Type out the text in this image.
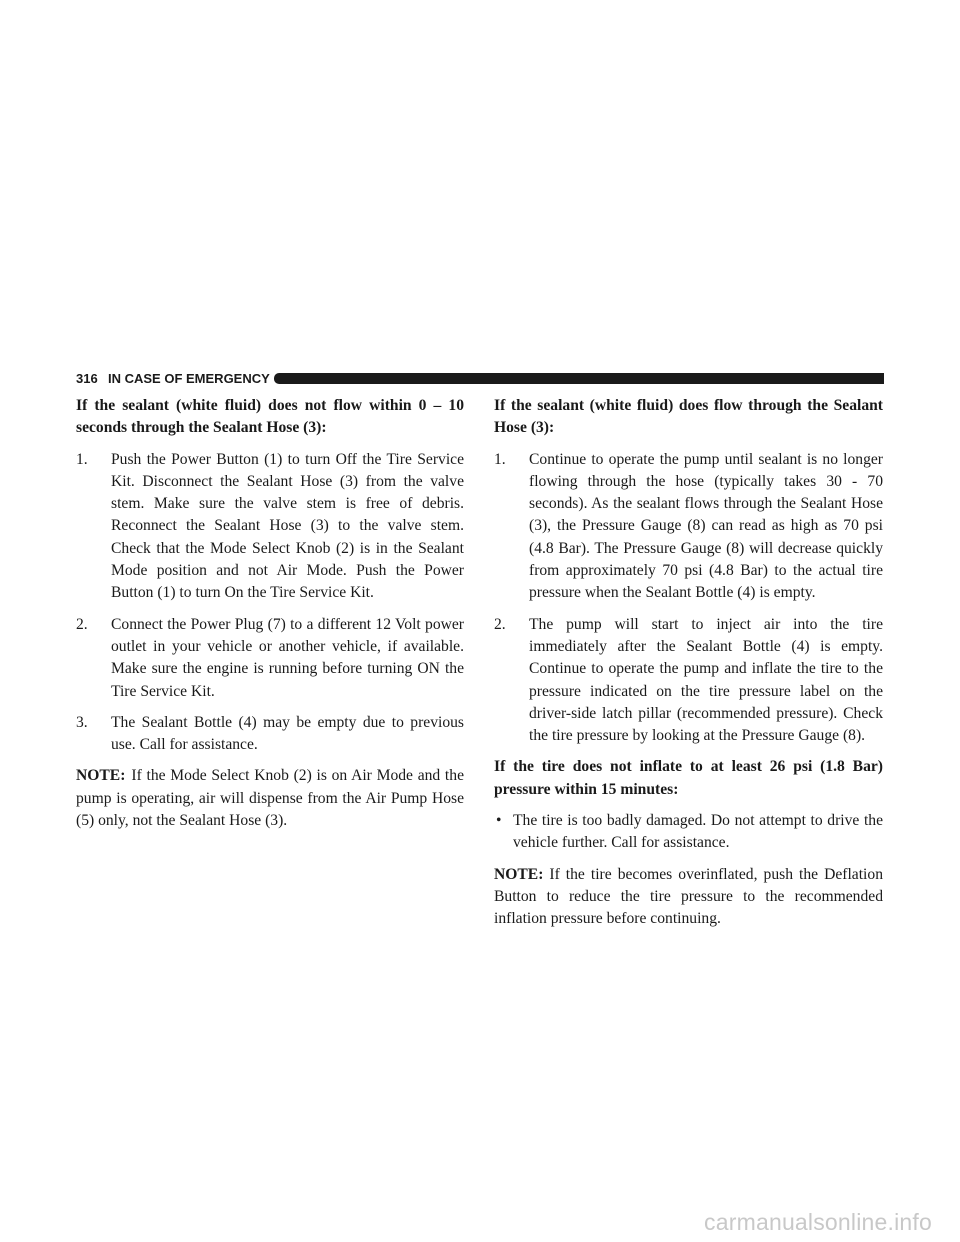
316 IN CASE OF EMERGENCY

If the sealant (white fluid) does not flow within 0 – 10 seconds through the Sealant Hose (3):

1. Push the Power Button (1) to turn Off the Tire Service Kit. Disconnect the Sealant Hose (3) from the valve stem. Make sure the valve stem is free of debris. Reconnect the Sealant Hose (3) to the valve stem. Check that the Mode Select Knob (2) is in the Sealant Mode position and not Air Mode. Push the Power Button (1) to turn On the Tire Service Kit.
2. Connect the Power Plug (7) to a different 12 Volt power outlet in your vehicle or another vehicle, if available. Make sure the engine is running before turning ON the Tire Service Kit.
3. The Sealant Bottle (4) may be empty due to previous use. Call for assistance.

NOTE: If the Mode Select Knob (2) is on Air Mode and the pump is operating, air will dispense from the Air Pump Hose (5) only, not the Sealant Hose (3).

If the sealant (white fluid) does flow through the Sealant Hose (3):

1. Continue to operate the pump until sealant is no longer flowing through the hose (typically takes 30 - 70 seconds). As the sealant flows through the Sealant Hose (3), the Pressure Gauge (8) can read as high as 70 psi (4.8 Bar). The Pressure Gauge (8) will decrease quickly from approximately 70 psi (4.8 Bar) to the actual tire pressure when the Sealant Bottle (4) is empty.
2. The pump will start to inject air into the tire immediately after the Sealant Bottle (4) is empty. Continue to operate the pump and inflate the tire to the pressure indicated on the tire pressure label on the driver-side latch pillar (recommended pressure). Check the tire pressure by looking at the Pressure Gauge (8).

If the tire does not inflate to at least 26 psi (1.8 Bar) pressure within 15 minutes:

• The tire is too badly damaged. Do not attempt to drive the vehicle further. Call for assistance.

NOTE: If the tire becomes overinflated, push the Deflation Button to reduce the tire pressure to the recommended inflation pressure before continuing.

carmanualsonline.info
